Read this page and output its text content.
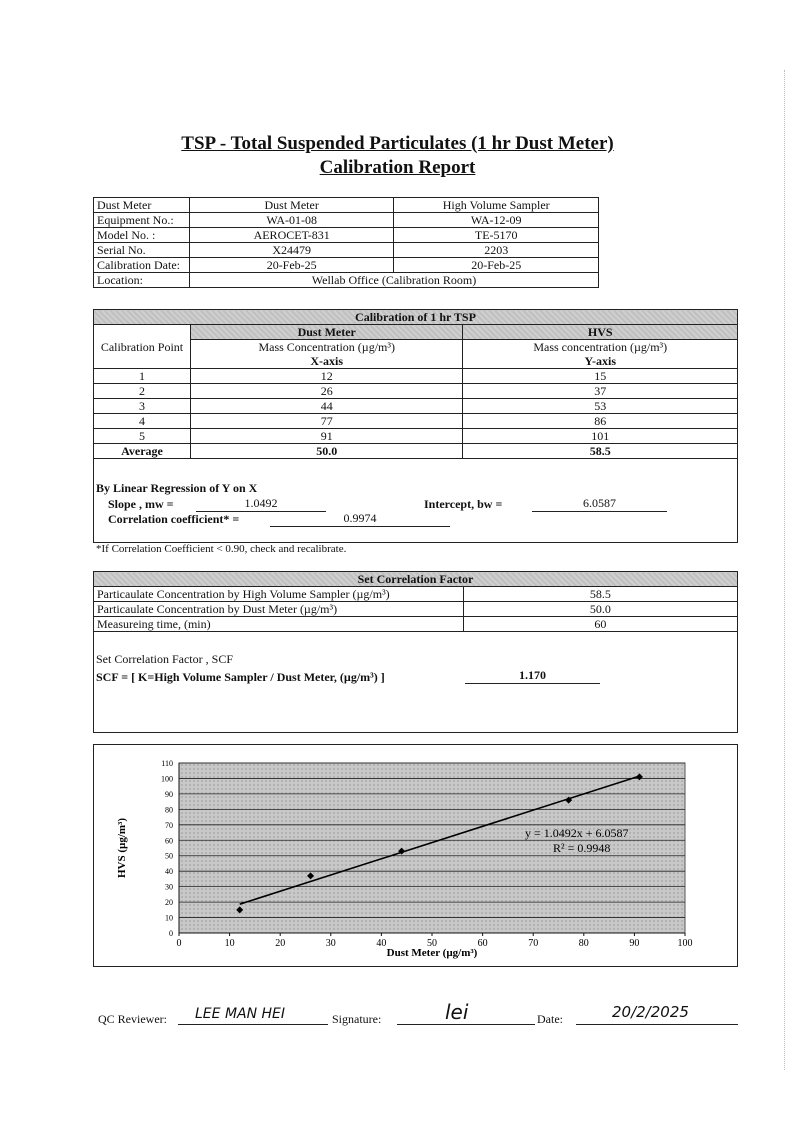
TSP - Total Suspended Particulates (1 hr Dust Meter)
Calibration Report
Dust Meter	Dust Meter	High Volume Sampler
Equipment No.:	WA-01-08	WA-12-09
Model No. :	AEROCET-831	TE-5170
Serial No.	X24479	2203
Calibration Date:	20-Feb-25	20-Feb-25
Location:	Wellab Office (Calibration Room)	
Calibration of 1 hr TSP		
Calibration Point	Dust Meter	HVS
	Mass Concentration (µg/m³)	Mass concentration (µg/m³)
	X-axis	Y-axis
1	12	15
2	26	37
3	44	53
4	77	86
5	91	101
Average	50.0	58.5
By Linear Regression of Y on X
Slope , mw =	1.0492	Intercept, bw =	6.0587
Correlation coefficient* =	0.9974
*If Correlation Coefficient < 0.90, check and recalibrate.
Set Correlation Factor	
Particaulate Concentration by High Volume Sampler (µg/m³)	58.5
Particaulate Concentration by Dust Meter (µg/m³)	50.0
Measureing time, (min)	60
Set Correlation Factor , SCF
SCF = [ K=High Volume Sampler / Dust Meter, (µg/m³) ]	1.170
0
10
20
30
40
50
60
70
80
90
100
110
0	10	20	30	40	50	60	70	80	90	100
y = 1.0492x + 6.0587
R² = 0.9948
Dust Meter (µg/m³)
HVS (µg/m³)
QC Reviewer: LEE MAN HEI	Signature:	lei	Date:	20/2/2025
